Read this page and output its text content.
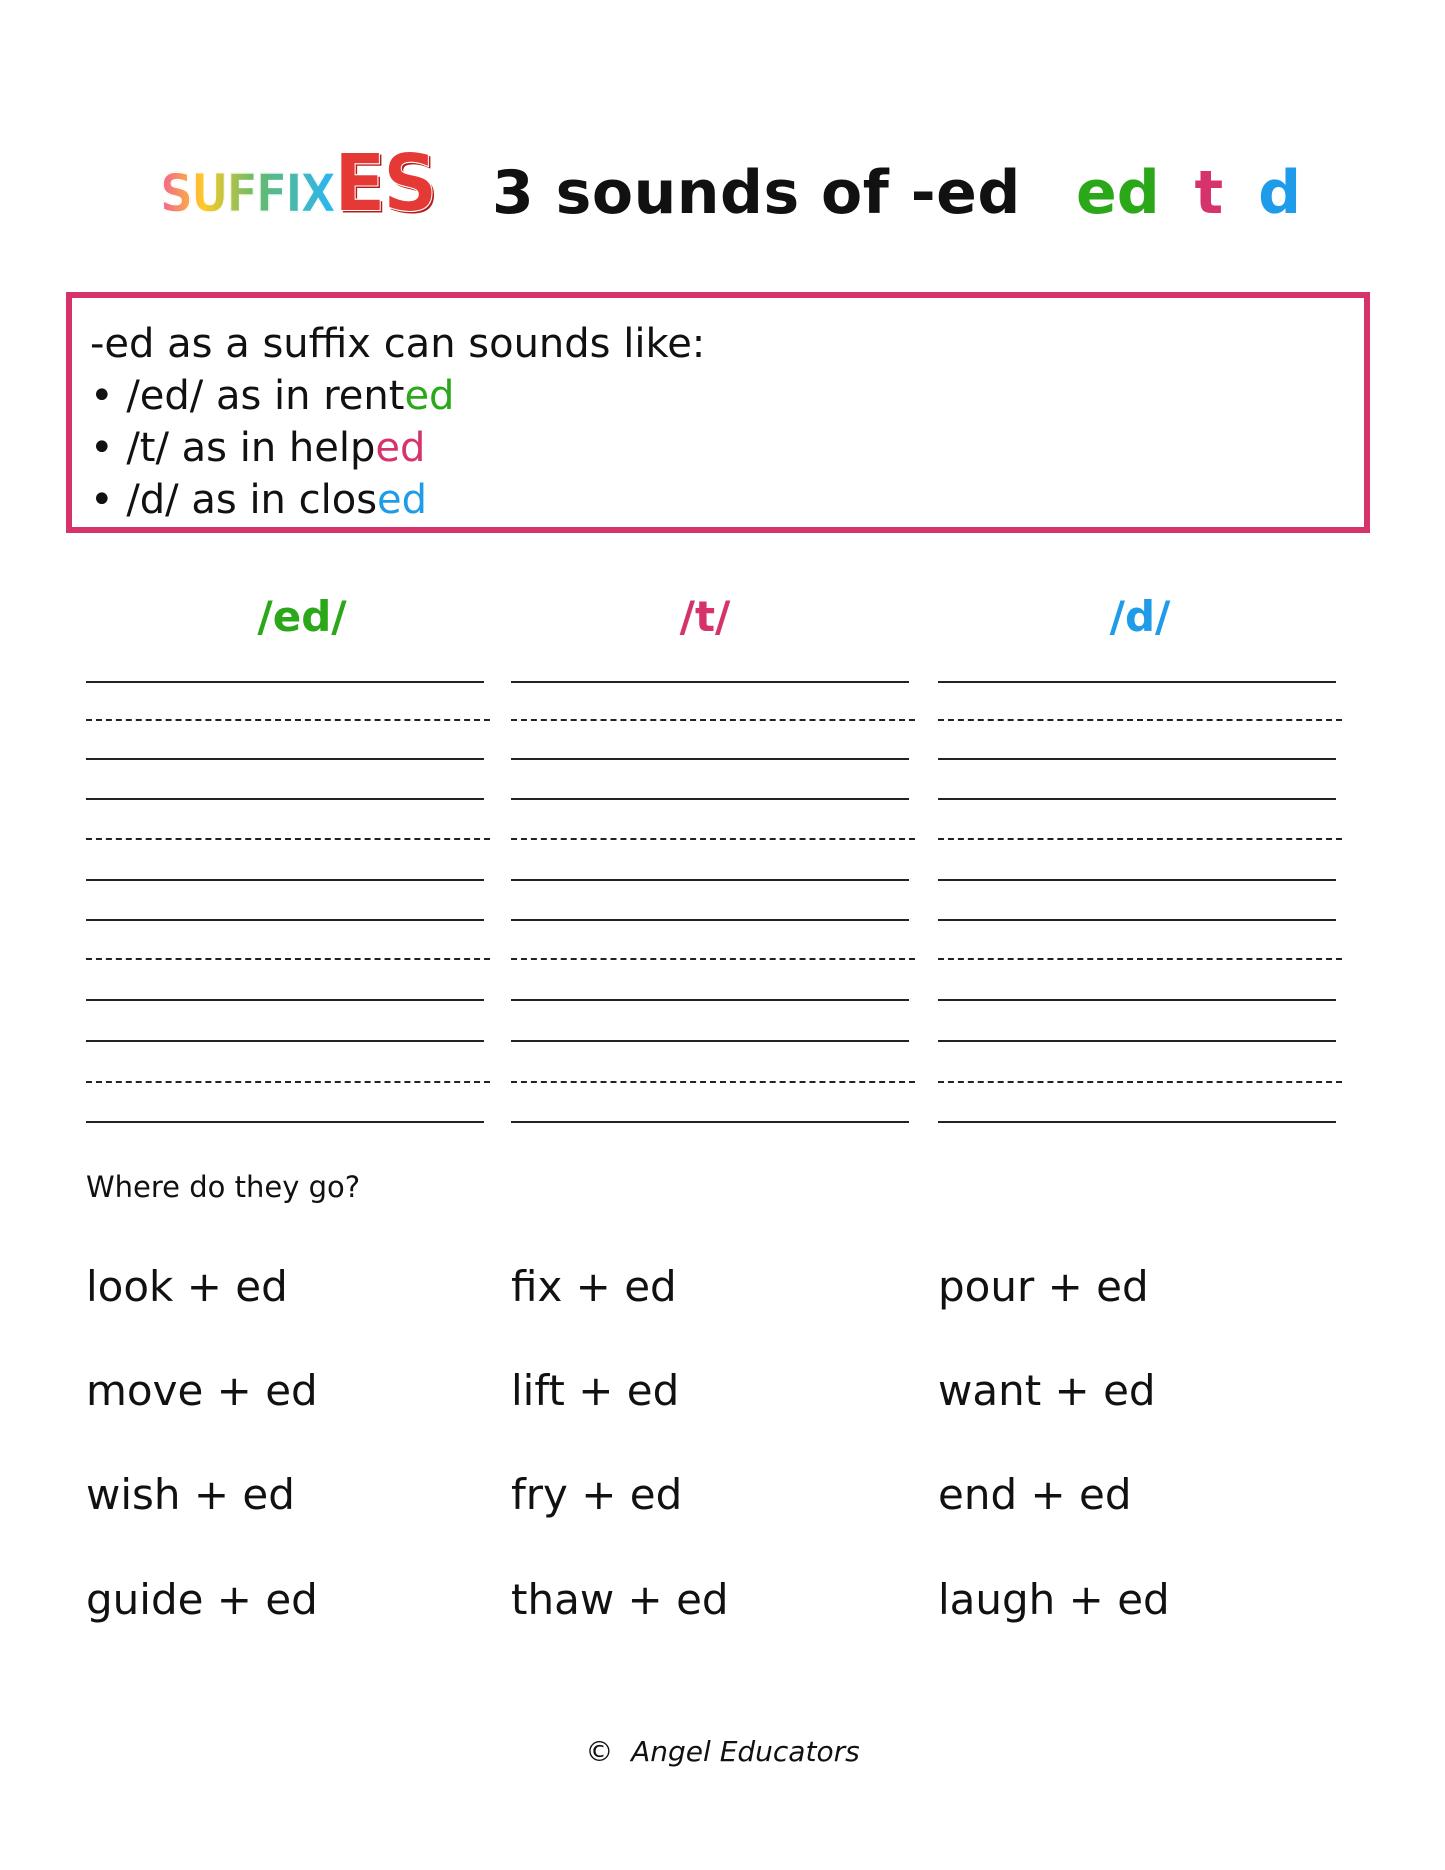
SUFFIX ES 3 sounds of -ed ed t d
-ed as a suffix can sounds like:
• /ed/ as in rented
• /t/ as in helped
• /d/ as in closed
/ed/	/t/	/d/
Where do they go?
look + ed	fix + ed	pour + ed
move + ed	lift + ed	want + ed
wish + ed	fry + ed	end + ed
guide + ed	thaw + ed	laugh + ed
© Angel Educators
